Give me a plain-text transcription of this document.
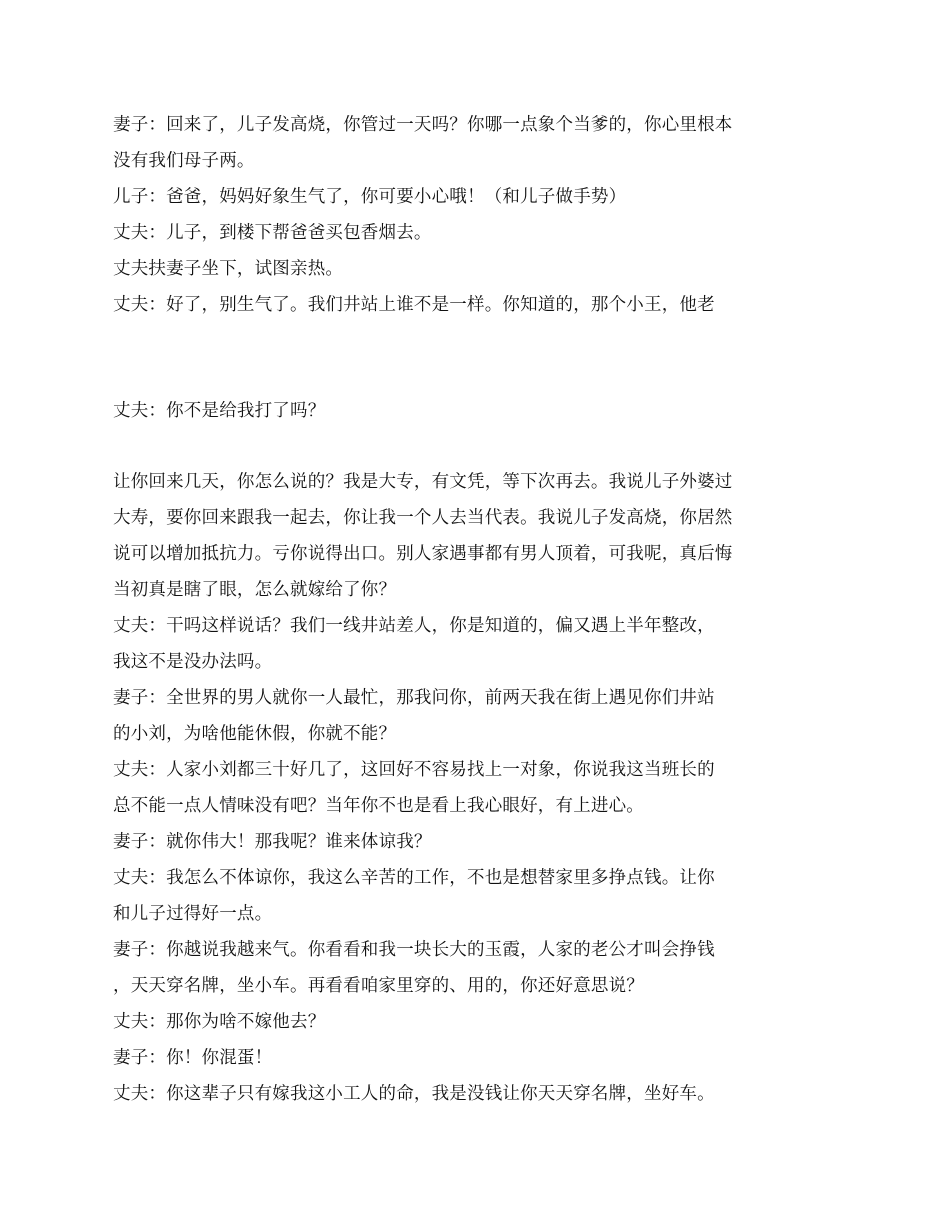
妻子：回来了，儿子发高烧，你管过一天吗？你哪一点象个当爹的，你心里根本
没有我们母子两。
儿子：爸爸，妈妈好象生气了，你可要小心哦！（和儿子做手势）
丈夫：儿子，到楼下帮爸爸买包香烟去。
丈夫扶妻子坐下，试图亲热。
丈夫：好了，别生气了。我们井站上谁不是一样。你知道的，那个小王，他老
丈夫：你不是给我打了吗？
让你回来几天，你怎么说的？我是大专，有文凭，等下次再去。我说儿子外婆过
大寿，要你回来跟我一起去，你让我一个人去当代表。我说儿子发高烧，你居然
说可以增加抵抗力。亏你说得出口。别人家遇事都有男人顶着，可我呢，真后悔
当初真是瞎了眼，怎么就嫁给了你？
丈夫：干吗这样说话？我们一线井站差人，你是知道的，偏又遇上半年整改，
我这不是没办法吗。
妻子：全世界的男人就你一人最忙，那我问你，前两天我在街上遇见你们井站
的小刘，为啥他能休假，你就不能？
丈夫：人家小刘都三十好几了，这回好不容易找上一对象，你说我这当班长的
总不能一点人情味没有吧？当年你不也是看上我心眼好，有上进心。
妻子：就你伟大！那我呢？谁来体谅我？
丈夫：我怎么不体谅你，我这么辛苦的工作，不也是想替家里多挣点钱。让你
和儿子过得好一点。
妻子：你越说我越来气。你看看和我一块长大的玉霞，人家的老公才叫会挣钱
，天天穿名牌，坐小车。再看看咱家里穿的、用的，你还好意思说？
丈夫：那你为啥不嫁他去？
妻子：你！你混蛋！
丈夫：你这辈子只有嫁我这小工人的命，我是没钱让你天天穿名牌，坐好车。
